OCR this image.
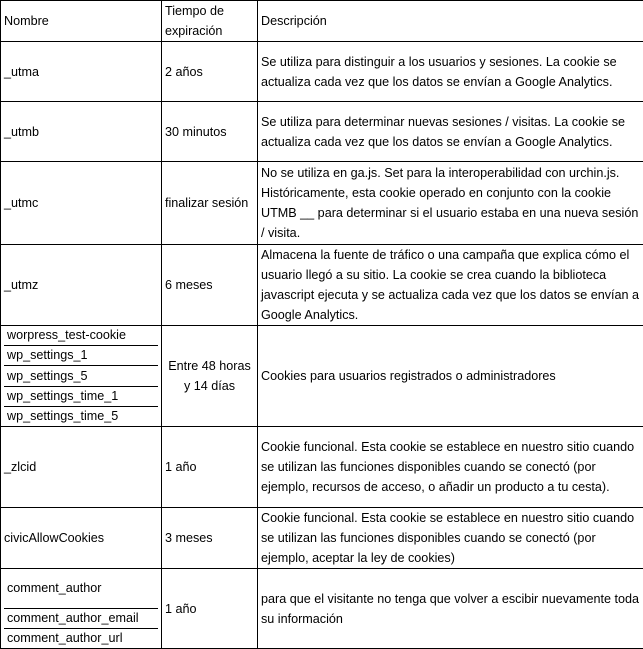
Nombre	Tiempo de expiración	Descripción
_utma	2 años	Se utiliza para distinguir a los usuarios y sesiones. La cookie se actualiza cada vez que los datos se envían a Google Analytics.
_utmb	30 minutos	Se utiliza para determinar nuevas sesiones / visitas. La cookie se actualiza cada vez que los datos se envían a Google Analytics.
_utmc	finalizar sesión	No se utiliza en ga.js. Set para la interoperabilidad con urchin.js. Históricamente, esta cookie operado en conjunto con la cookie UTMB __ para determinar si el usuario estaba en una nueva sesión / visita.
_utmz	6 meses	Almacena la fuente de tráfico o una campaña que explica cómo el usuario llegó a su sitio. La cookie se crea cuando la biblioteca javascript ejecuta y se actualiza cada vez que los datos se envían a Google Analytics.

worpress_test-cookie
wp_settings_1
wp_settings_5
wp_settings_time_1
wp_settings_time_5	Entre 48 horas y 14 días	Cookies para usuarios registrados o administradores
_zlcid	1 año	Cookie funcional. Esta cookie se establece en nuestro sitio cuando se utilizan las funciones disponibles cuando se conectó (por ejemplo, recursos de acceso, o añadir un producto a tu cesta).
civicAllowCookies	3 meses	Cookie funcional. Esta cookie se establece en nuestro sitio cuando se utilizan las funciones disponibles cuando se conectó (por ejemplo, aceptar la ley de cookies)

comment_author
comment_author_email
comment_author_url	1 año	para que el visitante no tenga que volver a escibir nuevamente toda su información
